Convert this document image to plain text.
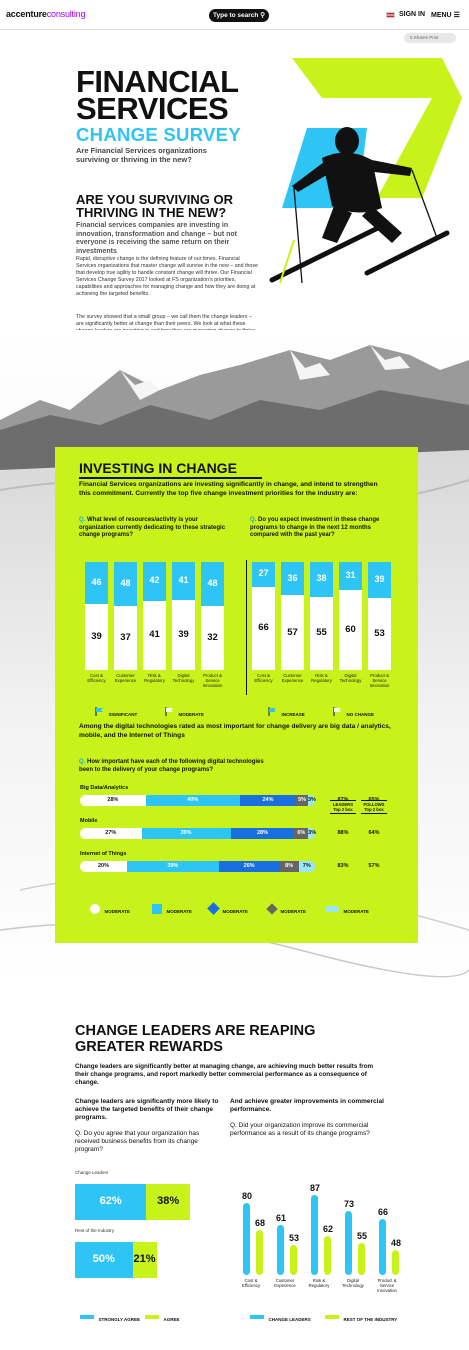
accentureconsulting	Type to search ⚲	SIGN IN MENU ☰
0 Shares Print
FINANCIAL SERVICES
CHANGE SURVEY
Are Financial Services organizations surviving or thriving in the new?
ARE YOU SURVIVING OR THRIVING IN THE NEW?
Financial services companies are investing in innovation, transformation and change – but not everyone is receiving the same return on their investments
Rapid, disruptive change is the defining feature of our times. Financial Services organizations that master change will survive in the new – and those that develop true agility to handle constant change will thrive. Our Financial Services Change Survey 2017 looked at FS organization's priorities, capabilities and approaches for managing change and how they are doing at achieving the targeted benefits.
The survey showed that a small group – we call them the change leaders – are significantly better at change than their peers. We look at what these
INVESTING IN CHANGE
Financial Services organizations are investing significantly in change, and intend to strengthen this commitment. Currently the top five change investment priorities for the industry are:
Q. What level of resources/activity is your organization currently dedicating to these strategic change programs?
Q. Do you expect investment in these change programs to change in the next 12 months compared with the past year?
46
39
Cost & Efficiency
48
37
Customer Experience
42
41
Risk & Regulatory
41
39
Digital Technology
48
32
Product & Service Innovation
27
66
Cost & Efficiency
36
57
Customer Experience
38
55
Risk & Regulatory
31
60
Digital Technology
39
53
Product & Service Innovation
SIGNIFICANT	MODERATE	INCREASE	NO CHANGE
Among the digital technologies rated as most important for change delivery are big data / analytics, mobile, and the Internet of Things
Q. How important have each of the following digital technologies been to the delivery of your change programs?
LEADERS Top 2 box
FOLLOWS Top 2 box
Big Data/Analytics
28%	40%	24%	5% 3%	87%	65%
Mobile
27%	39%	28%	6% 3%	88%	64%
Internet of Things
20%	39%	26%	8%	7%	83%	57%
MODERATE	MODERATE	MODERATE	MODERATE	MODERATE
CHANGE LEADERS ARE REAPING GREATER REWARDS
Change leaders are significantly better at managing change, are achieving much better results from their change programs, and report markedly better commercial performance as a consequence of change.
Change leaders are significantly more likely to achieve the targeted benefits of their change programs.
Q. Do you agree that your organization has received business benefits from its change program?
And achieve greater improvements in commercial performance.
Q. Did your organization improve its commercial performance as a result of its change programs?
Change Leaders
62%	38%
Rest of the Industry
50%	21%
80
68
Cost & Efficiency
61
53
Customer Experience
87
62
Risk & Regulatory
73
55
Digital Technology
66
48
Product & Service Innovation
STRONGLY AGREE	AGREE	CHANGE LEADERS	REST OF THE INDUSTRY
